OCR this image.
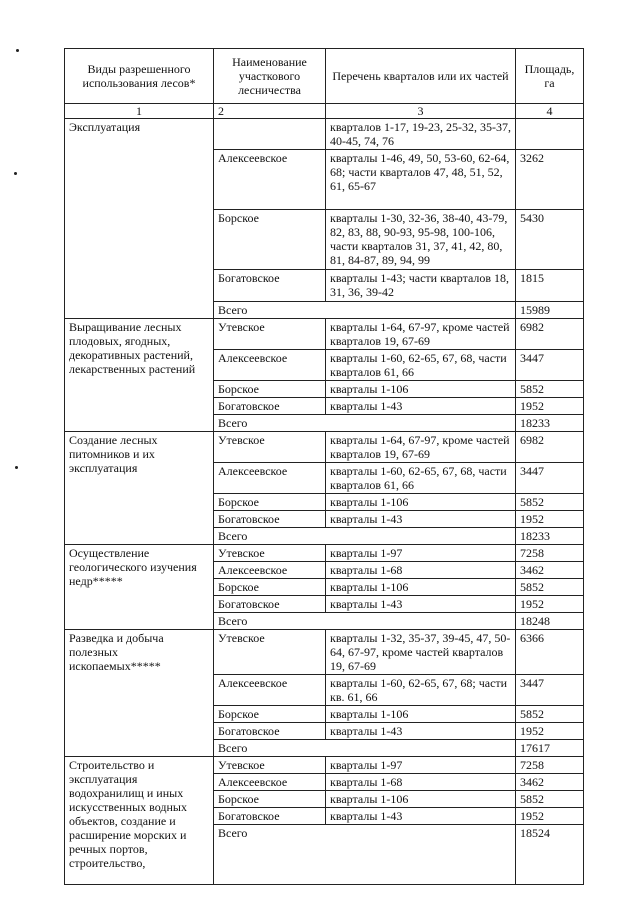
Виды разрешенного использования лесов*	Наименование участкового лесничества	Перечень кварталов или их частей	Площадь, га
1	2	3	4
Эксплуатация		кварталов 1-17, 19-23, 25-32, 35-37, 40-45, 74, 76	
	Алексеевское	кварталы 1-46, 49, 50, 53-60, 62-64, 68; части кварталов 47, 48, 51, 52, 61, 65-67	3262
	Борское	кварталы 1-30, 32-36, 38-40, 43-79, 82, 83, 88, 90-93, 95-98, 100-106, части кварталов 31, 37, 41, 42, 80, 81, 84-87, 89, 94, 99	5430
	Богатовское	кварталы 1-43; части кварталов 18, 31, 36, 39-42	1815
	Всего		15989
Выращивание лесных плодовых, ягодных, декоративных растений, лекарственных растений	Утевское	кварталы 1-64, 67-97, кроме частей кварталов 19, 67-69	6982
	Алексеевское	кварталы 1-60, 62-65, 67, 68, части кварталов 61, 66	3447
	Борское	кварталы 1-106	5852
	Богатовское	кварталы 1-43	1952
	Всего		18233
Создание лесных питомников и их эксплуатация	Утевское	кварталы 1-64, 67-97, кроме частей кварталов 19, 67-69	6982
	Алексеевское	кварталы 1-60, 62-65, 67, 68, части кварталов 61, 66	3447
	Борское	кварталы 1-106	5852
	Богатовское	кварталы 1-43	1952
	Всего		18233
Осуществление геологического изучения недр*****	Утевское	кварталы 1-97	7258
	Алексеевское	кварталы 1-68	3462
	Борское	кварталы 1-106	5852
	Богатовское	кварталы 1-43	1952
	Всего		18248
Разведка и добыча полезных ископаемых*****	Утевское	кварталы 1-32, 35-37, 39-45, 47, 50-64, 67-97, кроме частей кварталов 19, 67-69	6366
	Алексеевское	кварталы 1-60, 62-65, 67, 68; части кв. 61, 66	3447
	Борское	кварталы 1-106	5852
	Богатовское	кварталы 1-43	1952
	Всего		17617
Строительство и эксплуатация водохранилищ и иных искусственных водных объектов, создание и расширение морских и речных портов, строительство,	Утевское	кварталы 1-97	7258
	Алексеевское	кварталы 1-68	3462
	Борское	кварталы 1-106	5852
	Богатовское	кварталы 1-43	1952
	Всего		18524
